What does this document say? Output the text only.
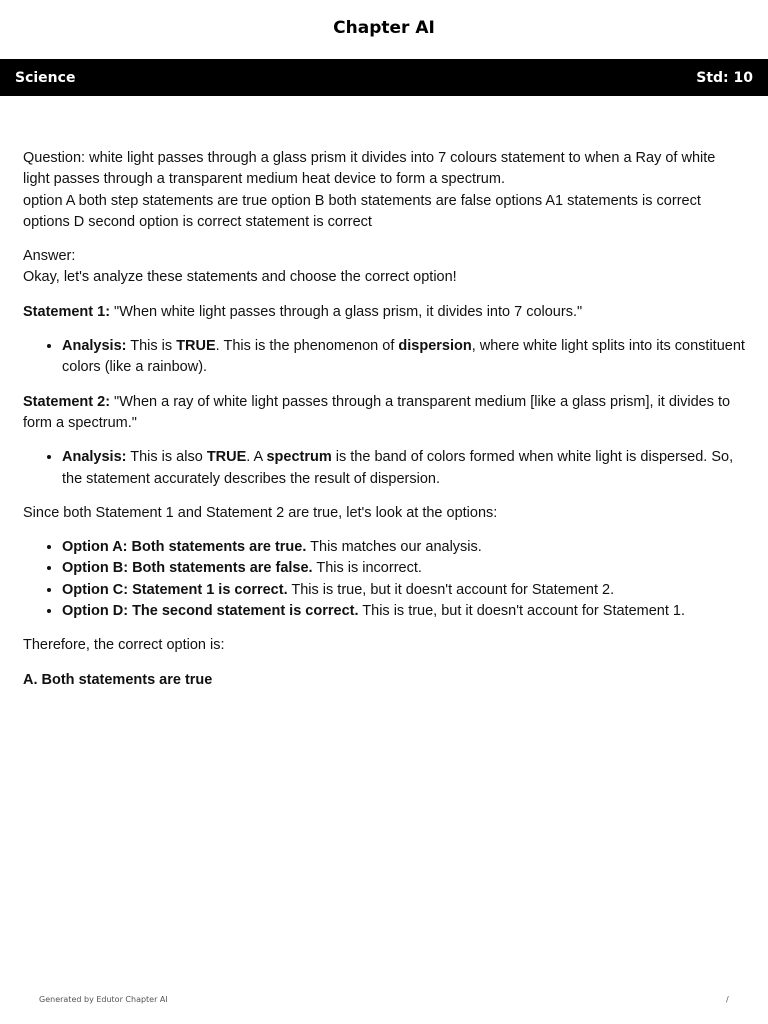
Chapter AI
Science	Std: 10

Question: white light passes through a glass prism it divides into 7 colours statement to when a Ray of white light passes through a transparent medium heat device to form a spectrum.
option A both step statements are true option B both statements are false options A1 statements is correct options D second option is correct statement is correct

Answer:
Okay, let's analyze these statements and choose the correct option!

Statement 1: "When white light passes through a glass prism, it divides into 7 colours."

• Analysis: This is TRUE. This is the phenomenon of dispersion, where white light splits into its constituent colors (like a rainbow).

Statement 2: "When a ray of white light passes through a transparent medium [like a glass prism], it divides to form a spectrum."

• Analysis: This is also TRUE. A spectrum is the band of colors formed when white light is dispersed. So, the statement accurately describes the result of dispersion.

Since both Statement 1 and Statement 2 are true, let's look at the options:

• Option A: Both statements are true. This matches our analysis.
• Option B: Both statements are false. This is incorrect.
• Option C: Statement 1 is correct. This is true, but it doesn't account for Statement 2.
• Option D: The second statement is correct. This is true, but it doesn't account for Statement 1.

Therefore, the correct option is:

A. Both statements are true

Generated by Edutor Chapter AI	/
